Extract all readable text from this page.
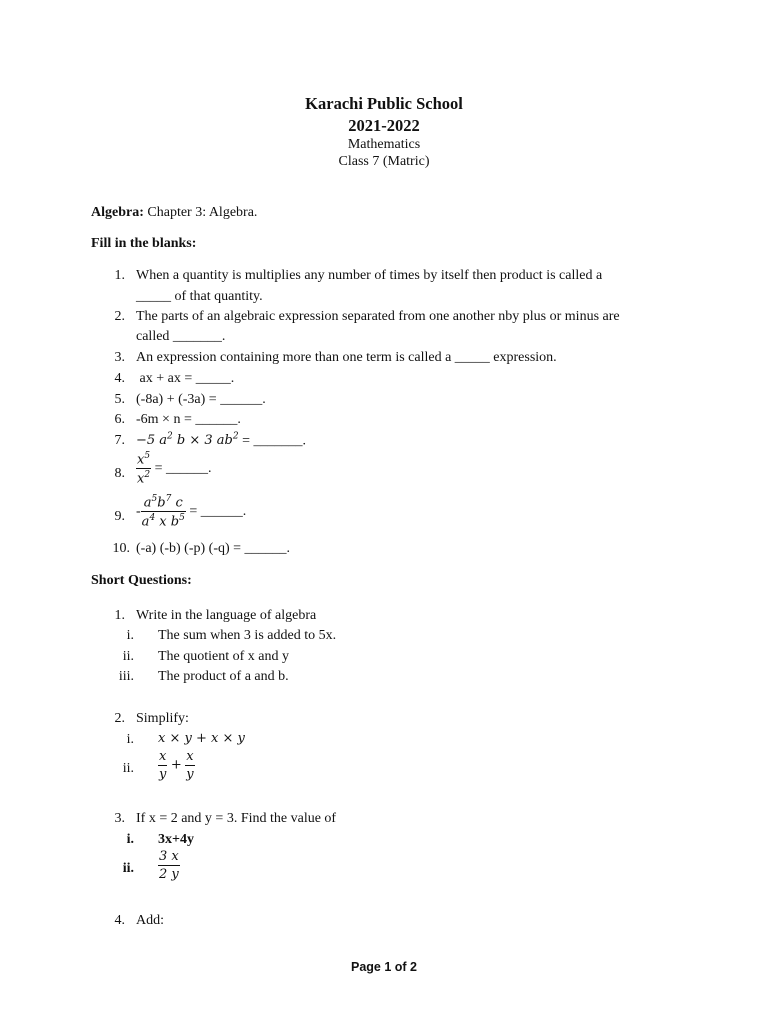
Karachi Public School
2021-2022
Mathematics
Class 7 (Matric)
Algebra: Chapter 3: Algebra.
Fill in the blanks:
1. When a quantity is multiplies any number of times by itself then product is called a
_____ of that quantity.
2. The parts of an algebraic expression separated from one another nby plus or minus are
called _______.
3. An expression containing more than one term is called a _____ expression.
4. ax + ax = _____.
5. (-8a) + (-3a) = ______.
6. -6m × n = ______.
7. −5 $a^2$ b × 3 $ab^2$ = _______.
8. $\frac{x^5}{x^2}$ = ______.
9. - $\frac{a^5b^7 c}{a^4 x b^5}$ = ______.
10. (-a) (-b) (-p) (-q) = ______.
Short Questions:
1. Write in the language of algebra
i. The sum when 3 is added to 5x.
ii. The quotient of x and y
iii. The product of a and b.
2. Simplify:
i. x × y + x × y
ii. $\frac{x}{y} + \frac{x}{y}$
3. If x = 2 and y = 3. Find the value of
i. 3x+4y
ii. $\frac{3 x}{2 y}$
4. Add:
Page 1 of 2
